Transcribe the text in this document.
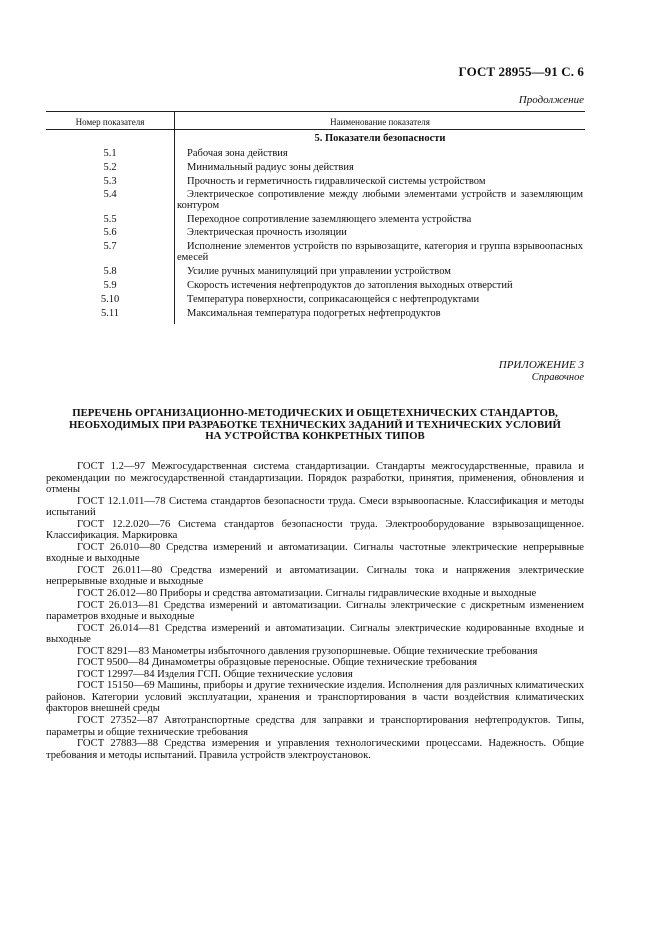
ГОСТ 28955—91 С. 6
Продолжение
Номер показателя	Наименование показателя
5. Показатели безопасности
5.1	Рабочая зона действия
5.2	Минимальный радиус зоны действия
5.3	Прочность и герметичность гидравлической системы устройством
5.4	Электрическое сопротивление между любыми элементами устройств и заземляющим контуром
5.5	Переходное сопротивление заземляющего элемента устройства
5.6	Электрическая прочность изоляции
5.7	Исполнение элементов устройств по взрывозащите, категория и группа взрывоопасных емесей
5.8	Усилие ручных манипуляций при управлении устройством
5.9	Скорость истечения нефтепродуктов до затопления выходных отверстий
5.10	Температура поверхности, соприкасающейся с нефтепродуктами
5.11	Максимальная температура подогретых нефтепродуктов
ПРИЛОЖЕНИЕ 3
Справочное
ПЕРЕЧЕНЬ ОРГАНИЗАЦИОННО-МЕТОДИЧЕСКИХ И ОБЩЕТЕХНИЧЕСКИХ СТАНДАРТОВ,
НЕОБХОДИМЫХ ПРИ РАЗРАБОТКЕ ТЕХНИЧЕСКИХ ЗАДАНИЙ И ТЕХНИЧЕСКИХ УСЛОВИЙ
НА УСТРОЙСТВА КОНКРЕТНЫХ ТИПОВ

ГОСТ 1.2—97 Межгосударственная система стандартизации. Стандарты межгосударственные, правила и рекомендации по межгосударственной стандартизации. Порядок разработки, принятия, применения, обновления и отмены

ГОСТ 12.1.011—78 Система стандартов безопасности труда. Смеси взрывоопасные. Классификация и методы испытаний

ГОСТ 12.2.020—76 Система стандартов безопасности труда. Электрооборудование взрывозащищенное. Классификация. Маркировка

ГОСТ 26.010—80 Средства измерений и автоматизации. Сигналы частотные электрические непрерывные входные и выходные

ГОСТ 26.011—80 Средства измерений и автоматизации. Сигналы тока и напряжения электрические непрерывные входные и выходные

ГОСТ 26.012—80 Приборы и средства автоматизации. Сигналы гидравлические входные и выходные

ГОСТ 26.013—81 Средства измерений и автоматизации. Сигналы электрические с дискретным изменением параметров входные и выходные

ГОСТ 26.014—81 Средства измерений и автоматизации. Сигналы электрические кодированные входные и выходные

ГОСТ 8291—83 Манометры избыточного давления грузопоршневые. Общие технические требования

ГОСТ 9500—84 Динамометры образцовые переносные. Общие технические требования

ГОСТ 12997—84 Изделия ГСП. Общие технические условия

ГОСТ 15150—69 Машины, приборы и другие технические изделия. Исполнения для различных климатических районов. Категории условий эксплуатации, хранения и транспортирования в части воздействия климатических факторов внешней среды

ГОСТ 27352—87 Автотранспортные средства для заправки и транспортирования нефтепродуктов. Типы, параметры и общие технические требования

ГОСТ 27883—88 Средства измерения и управления технологическими процессами. Надежность. Общие требования и методы испытаний. Правила устройств электроустановок.
